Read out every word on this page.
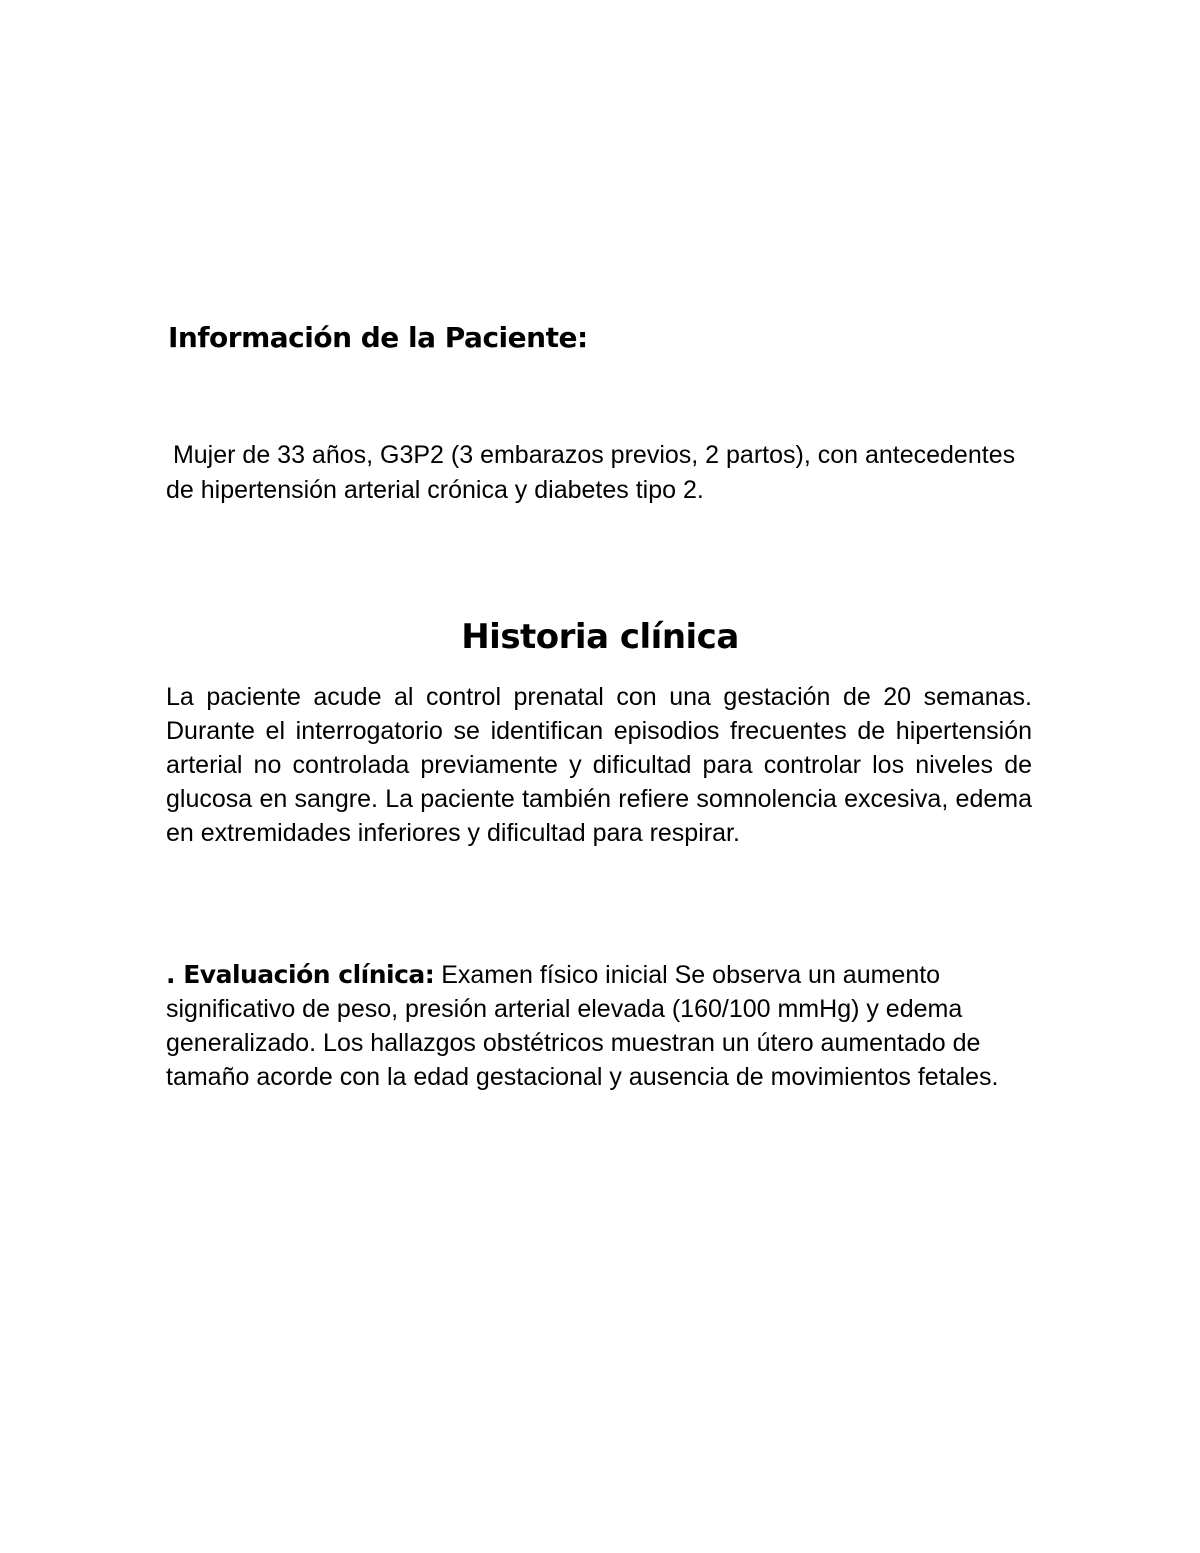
Información de la Paciente:

Mujer de 33 años, G3P2 (3 embarazos previos, 2 partos), con antecedentes de hipertensión arterial crónica y diabetes tipo 2.

Historia clínica

La paciente acude al control prenatal con una gestación de 20 semanas. Durante el interrogatorio se identifican episodios frecuentes de hipertensión arterial no controlada previamente y dificultad para controlar los niveles de glucosa en sangre. La paciente también refiere somnolencia excesiva, edema en extremidades inferiores y dificultad para respirar.

. Evaluación clínica: Examen físico inicial Se observa un aumento significativo de peso, presión arterial elevada (160/100 mmHg) y edema generalizado. Los hallazgos obstétricos muestran un útero aumentado de tamaño acorde con la edad gestacional y ausencia de movimientos fetales.
